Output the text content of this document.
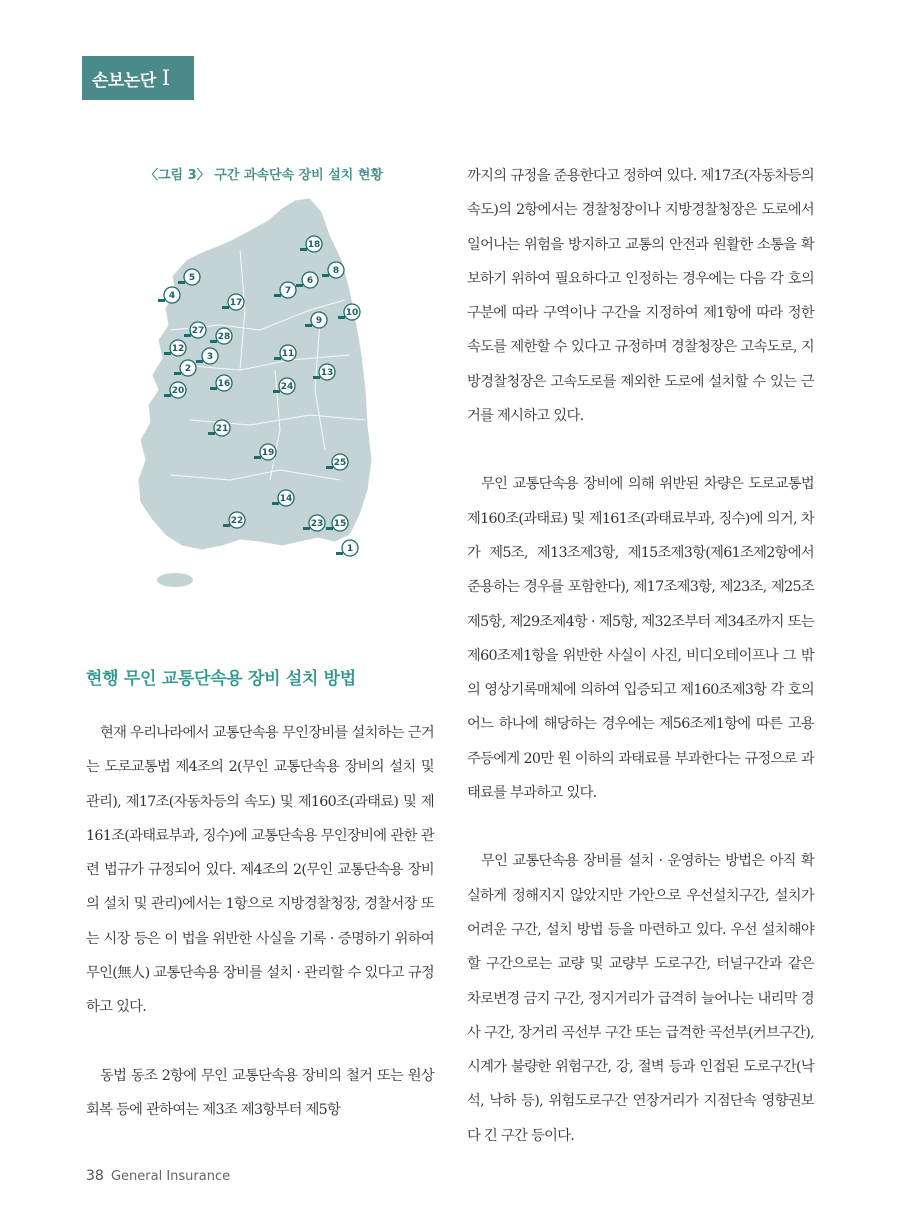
손보논단 Ⅰ
〈그림 3〉 구간 과속단속 장비 설치 현황
1
2
3
4
5	6
7
8
9
10
11
12
13
14
15
16
17
18
19
20
21
22	23
24
25
27
28
현행 무인 교통단속용 장비 설치 방법

현재 우리나라에서 교통단속용 무인장비를 설치하는 근거는 도로교통법 제4조의 2(무인 교통단속용 장비의 설치 및 관리), 제17조(자동차등의 속도) 및 제160조(과태료) 및 제161조(과태료부과, 징수)에 교통단속용 무인장비에 관한 관련 법규가 규정되어 있다. 제4조의 2(무인 교통단속용 장비의 설치 및 관리)에서는 1항으로 지방경찰청장, 경찰서장 또는 시장 등은 이 법을 위반한 사실을 기록 · 증명하기 위하여 무인(無人) 교통단속용 장비를 설치 · 관리할 수 있다고 규정하고 있다.

동법 동조 2항에 무인 교통단속용 장비의 철거 또는 원상회복 등에 관하여는 제3조 제3항부터 제5항

까지의 규정을 준용한다고 정하여 있다. 제17조(자동차등의 속도)의 2항에서는 경찰청장이나 지방경찰청장은 도로에서 일어나는 위험을 방지하고 교통의 안전과 원활한 소통을 확보하기 위하여 필요하다고 인정하는 경우에는 다음 각 호의 구분에 따라 구역이나 구간을 지정하여 제1항에 따라 정한 속도를 제한할 수 있다고 규정하며 경찰청장은 고속도로, 지방경찰청장은 고속도로를 제외한 도로에 설치할 수 있는 근거를 제시하고 있다.

무인 교통단속용 장비에 의해 위반된 차량은 도로교통법 제160조(과태료) 및 제161조(과태료부과, 징수)에 의거, 차가 제5조, 제13조제3항, 제15조제3항(제61조제2항에서 준용하는 경우를 포함한다), 제17조제3항, 제23조, 제25조제5항, 제29조제4항 · 제5항, 제32조부터 제34조까지 또는 제60조제1항을 위반한 사실이 사진, 비디오테이프나 그 밖의 영상기록매체에 의하여 입증되고 제160조제3항 각 호의 어느 하나에 해당하는 경우에는 제56조제1항에 따른 고용주등에게 20만 원 이하의 과태료를 부과한다는 규정으로 과태료를 부과하고 있다.

무인 교통단속용 장비를 설치 · 운영하는 방법은 아직 확실하게 정해지지 않았지만 가안으로 우선설치구간, 설치가 어려운 구간, 설치 방법 등을 마련하고 있다. 우선 설치해야 할 구간으로는 교량 및 교량부 도로구간, 터널구간과 같은 차로변경 금지 구간, 정지거리가 급격히 늘어나는 내리막 경사 구간, 장거리 곡선부 구간 또는 급격한 곡선부(커브구간), 시계가 불량한 위험구간, 강, 절벽 등과 인접된 도로구간(낙석, 낙하 등), 위험도로구간 연장거리가 지점단속 영향권보다 긴 구간 등이다.

38 General Insurance
